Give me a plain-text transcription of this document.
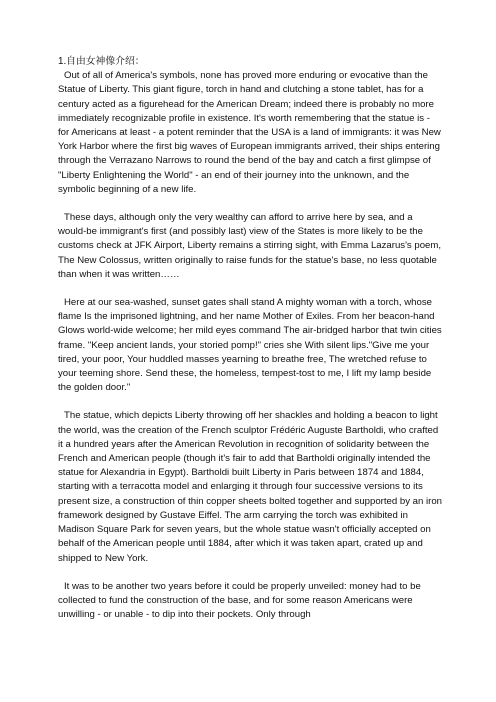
1.自由女神像介绍：

Out of all of America's symbols, none has proved more enduring or evocative than the Statue of Liberty. This giant figure, torch in hand and clutching a stone tablet, has for a century acted as a figurehead for the American Dream; indeed there is probably no more immediately recognizable profile in existence. It's worth remembering that the statue is - for Americans at least - a potent reminder that the USA is a land of immigrants: it was New York Harbor where the first big waves of European immigrants arrived, their ships entering through the Verrazano Narrows to round the bend of the bay and catch a first glimpse of "Liberty Enlightening the World" - an end of their journey into the unknown, and the symbolic beginning of a new life.

These days, although only the very wealthy can afford to arrive here by sea, and a would-be immigrant's first (and possibly last) view of the States is more likely to be the customs check at JFK Airport, Liberty remains a stirring sight, with Emma Lazarus's poem, The New Colossus, written originally to raise funds for the statue's base, no less quotable than when it was written……

Here at our sea-washed, sunset gates shall stand A mighty woman with a torch, whose flame Is the imprisoned lightning, and her name Mother of Exiles. From her beacon-hand Glows world-wide welcome; her mild eyes command The air-bridged harbor that twin cities frame. "Keep ancient lands, your storied pomp!" cries she With silent lips."Give me your tired, your poor, Your huddled masses yearning to breathe free, The wretched refuse to your teeming shore. Send these, the homeless, tempest-tost to me, I lift my lamp beside the golden door."

The statue, which depicts Liberty throwing off her shackles and holding a beacon to light the world, was the creation of the French sculptor Frédéric Auguste Bartholdi, who crafted it a hundred years after the American Revolution in recognition of solidarity between the French and American people (though it's fair to add that Bartholdi originally intended the statue for Alexandria in Egypt). Bartholdi built Liberty in Paris between 1874 and 1884, starting with a terracotta model and enlarging it through four successive versions to its present size, a construction of thin copper sheets bolted together and supported by an iron framework designed by Gustave Eiffel. The arm carrying the torch was exhibited in Madison Square Park for seven years, but the whole statue wasn't officially accepted on behalf of the American people until 1884, after which it was taken apart, crated up and shipped to New York.

It was to be another two years before it could be properly unveiled: money had to be collected to fund the construction of the base, and for some reason Americans were unwilling - or unable - to dip into their pockets. Only through
